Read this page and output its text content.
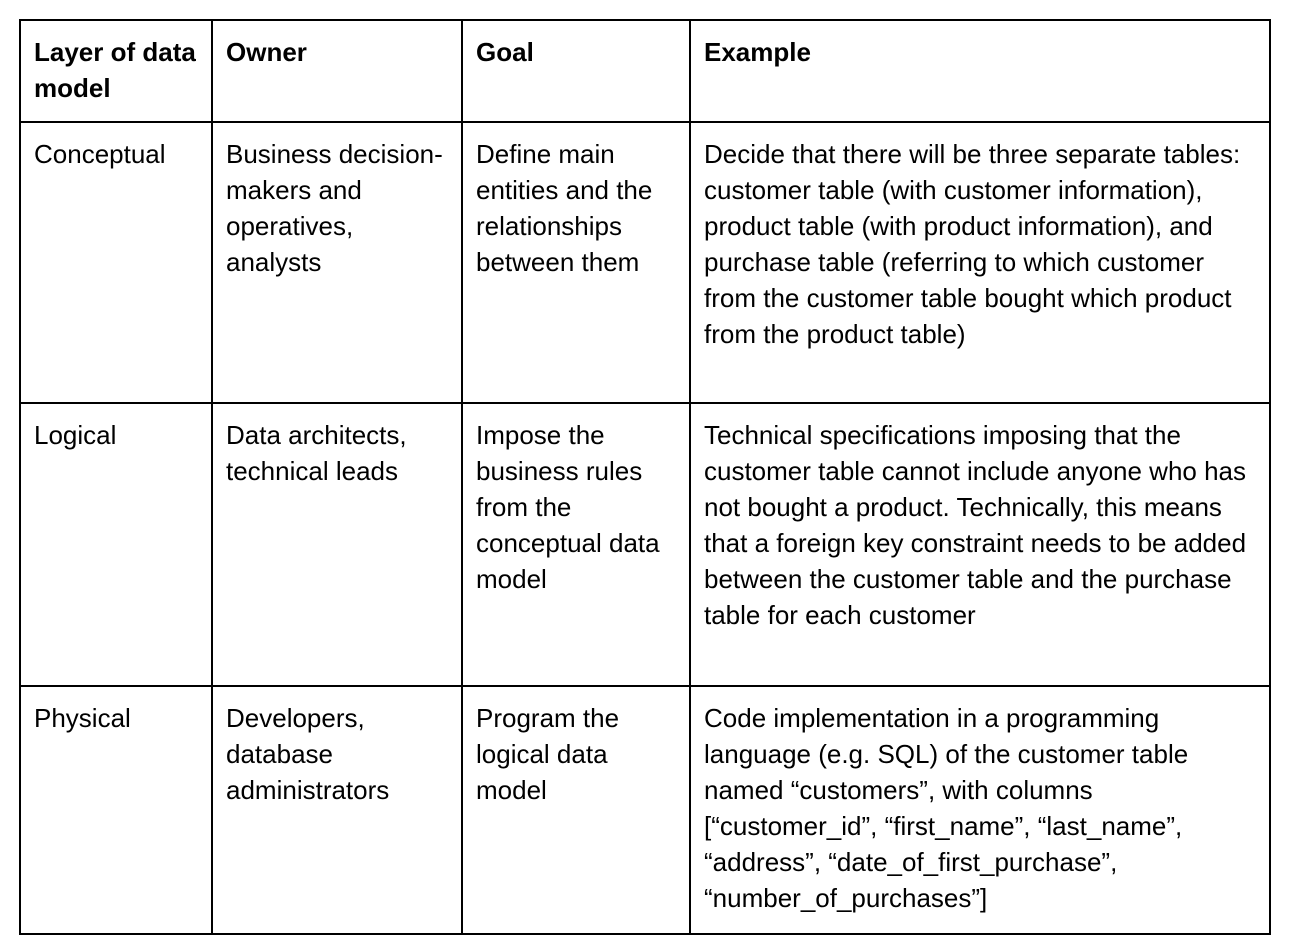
Layer of data model	Owner	Goal	Example
Conceptual	Business decision-makers and operatives, analysts	Define main entities and the relationships between them	Decide that there will be three separate tables: customer table (with customer information), product table (with product information), and purchase table (referring to which customer from the customer table bought which product from the product table)
Logical	Data architects, technical leads	Impose the business rules from the conceptual data model	Technical specifications imposing that the customer table cannot include anyone who has not bought a product. Technically, this means that a foreign key constraint needs to be added between the customer table and the purchase table for each customer
Physical	Developers, database administrators	Program the logical data model	Code implementation in a programming language (e.g. SQL) of the customer table named “customers”, with columns [“customer_id”, “first_name”, “last_name”, “address”, “date_of_first_purchase”, “number_of_purchases”]
